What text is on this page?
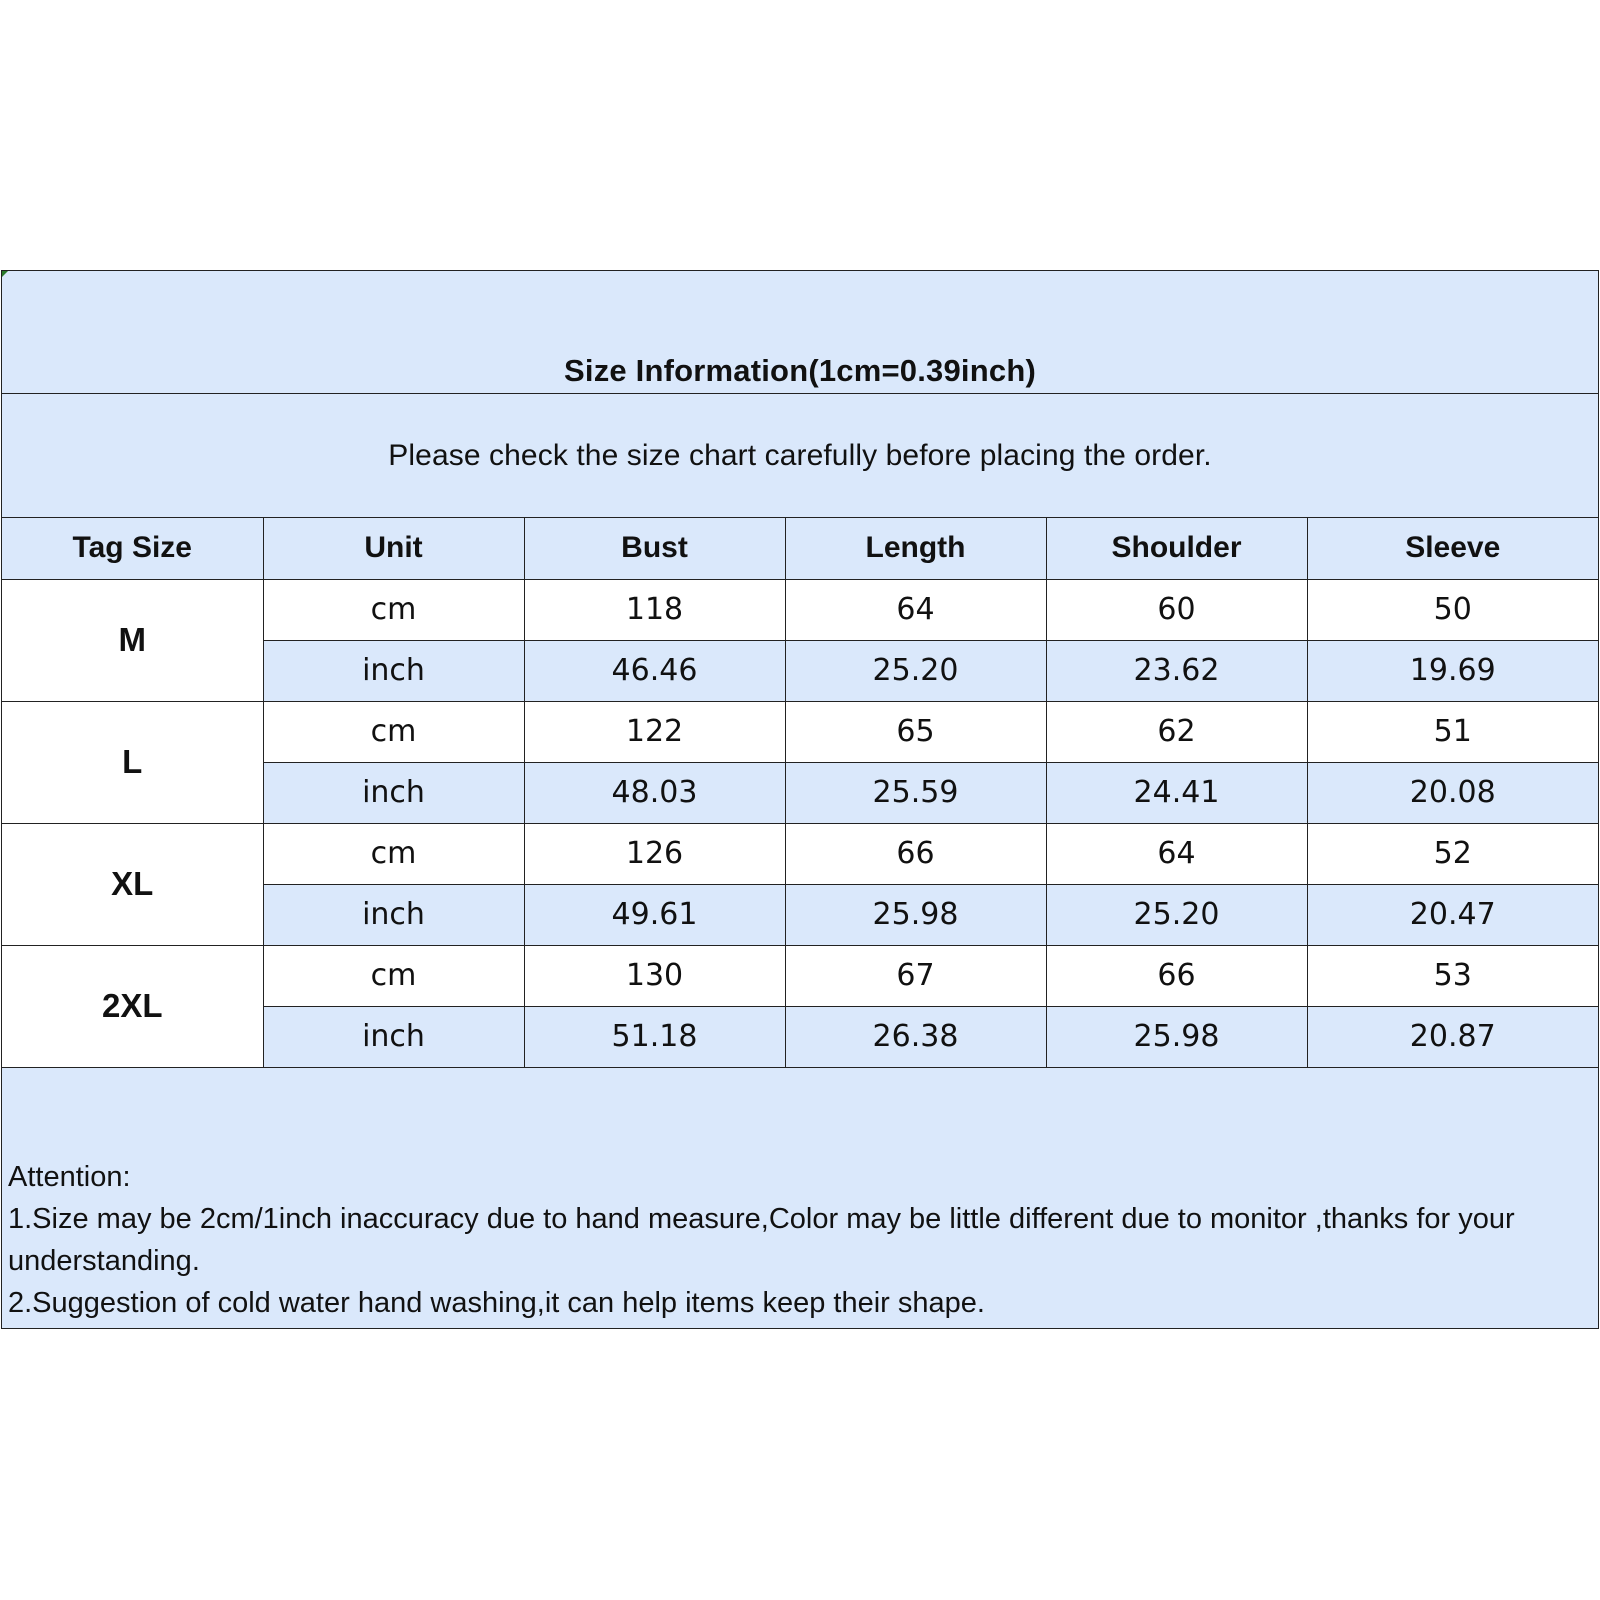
Size Information(1cm=0.39inch)
Please check the size chart carefully before placing the order.
Tag Size	Unit	Bust	Length	Shoulder	Sleeve
M	cm	118	64	60	50
	inch	46.46	25.20	23.62	19.69
L	cm	122	65	62	51
	inch	48.03	25.59	24.41	20.08
XL	cm	126	66	64	52
	inch	49.61	25.98	25.20	20.47
2XL	cm	130	67	66	53
	inch	51.18	26.38	25.98	20.87

Attention:

1.Size may be 2cm/1inch inaccuracy due to hand measure,Color may be little different due to monitor ,thanks for your understanding.

2.Suggestion of cold water hand washing,it can help items keep their shape.
